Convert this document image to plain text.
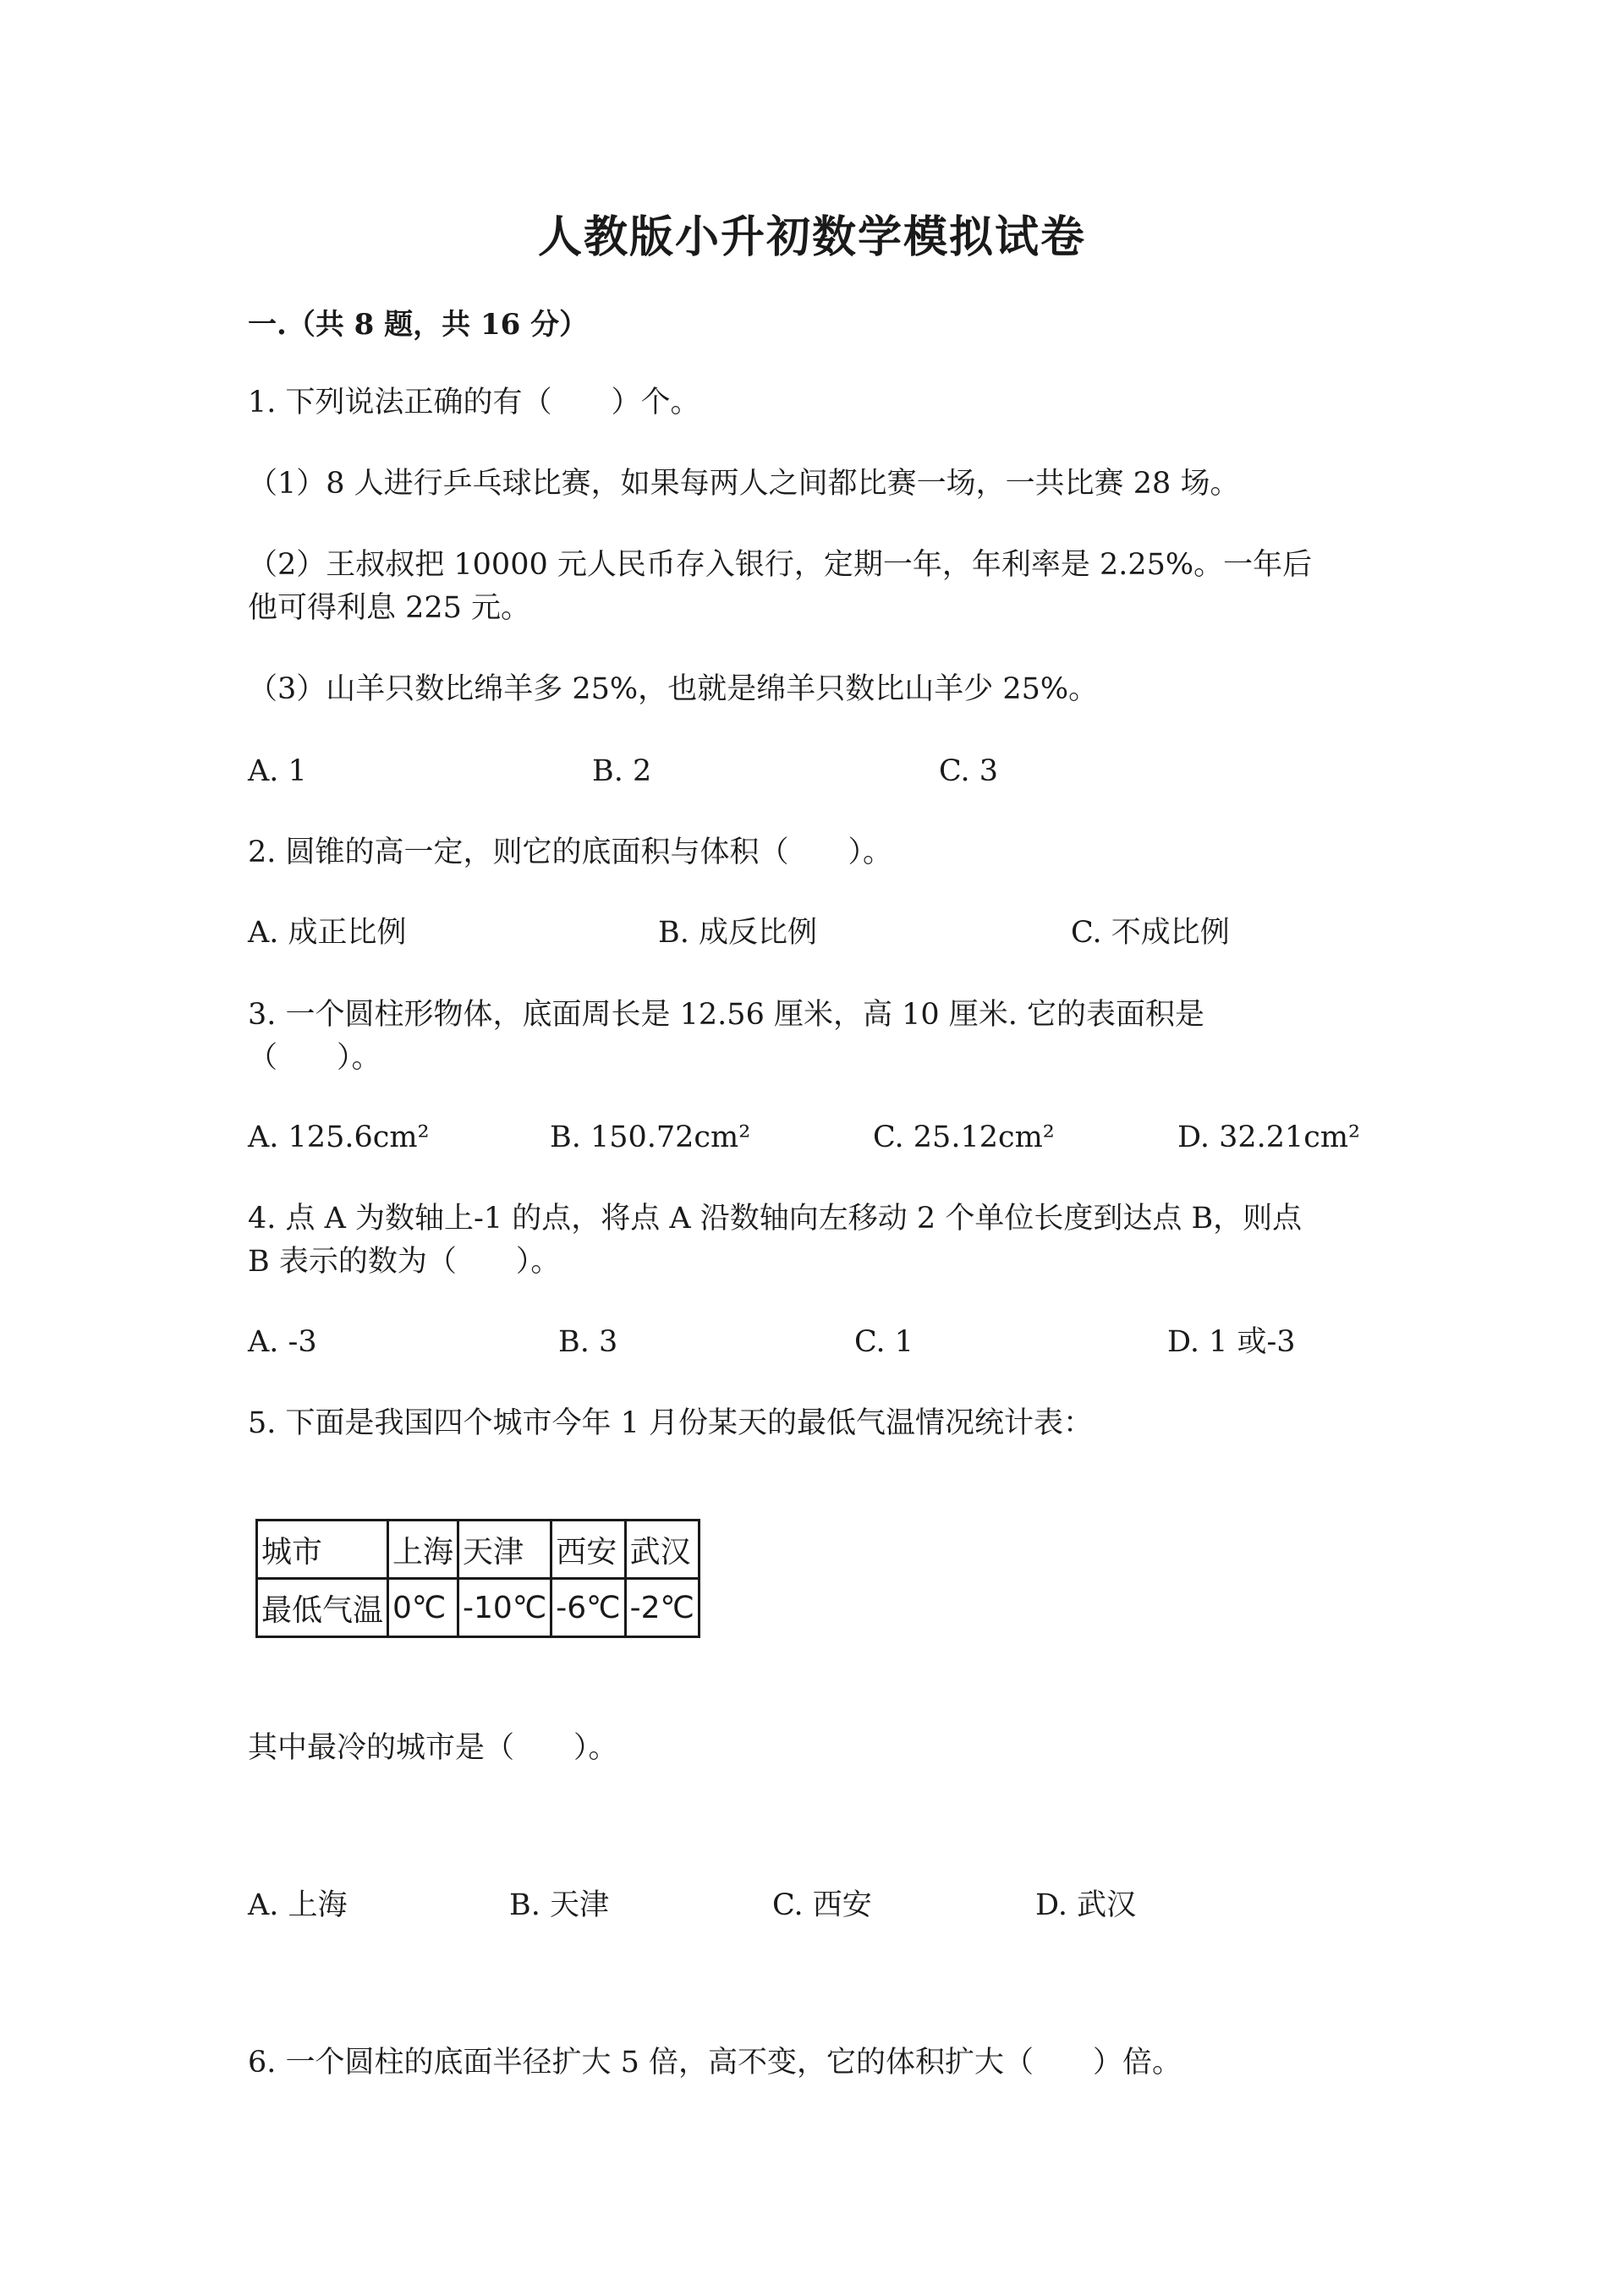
人教版小升初数学模拟试卷
一.（共 8 题，共 16 分）
1. 下列说法正确的有（　　）个。
（1）8 人进行乒乓球比赛，如果每两人之间都比赛一场，一共比赛 28 场。
（2）王叔叔把 10000 元人民币存入银行，定期一年，年利率是 2.25%。一年后
他可得利息 225 元。
（3）山羊只数比绵羊多 25%，也就是绵羊只数比山羊少 25%。
A. 1	B. 2	C. 3
2. 圆锥的高一定，则它的底面积与体积（　　）。
A. 成正比例	B. 成反比例	C. 不成比例
3. 一个圆柱形物体，底面周长是 12.56 厘米，高 10 厘米. 它的表面积是
（　　）。
A. 125.6cm²	B. 150.72cm²	C. 25.12cm²	D. 32.21cm²
4. 点 A 为数轴上-1 的点，将点 A 沿数轴向左移动 2 个单位长度到达点 B，则点
B 表示的数为（　　）。
A. -3	B. 3	C. 1	D. 1 或-3
5. 下面是我国四个城市今年 1 月份某天的最低气温情况统计表：
城市	上海	天津	西安	武汉
最低气温	0℃	-10℃	-6℃	-2℃
其中最冷的城市是（　　）。
A. 上海	B. 天津	C. 西安	D. 武汉
6. 一个圆柱的底面半径扩大 5 倍，高不变，它的体积扩大（　　）倍。
